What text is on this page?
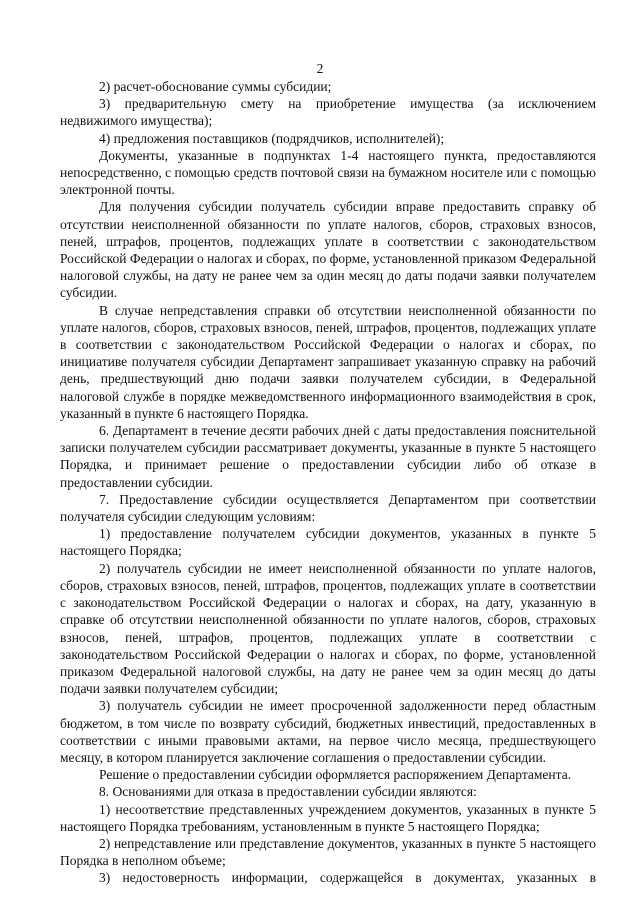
2

2) расчет-обоснование суммы субсидии;

3) предварительную смету на приобретение имущества (за исключением недвижимого имущества);

4) предложения поставщиков (подрядчиков, исполнителей);

Документы, указанные в подпунктах 1-4 настоящего пункта, предоставляются непосредственно, с помощью средств почтовой связи на бумажном носителе или с помощью электронной почты.

Для получения субсидии получатель субсидии вправе предоставить справку об отсутствии неисполненной обязанности по уплате налогов, сборов, страховых взносов, пеней, штрафов, процентов, подлежащих уплате в соответствии с законодательством Российской Федерации о налогах и сборах, по форме, установленной приказом Федеральной налоговой службы, на дату не ранее чем за один месяц до даты подачи заявки получателем субсидии.

В случае непредставления справки об отсутствии неисполненной обязанности по уплате налогов, сборов, страховых взносов, пеней, штрафов, процентов, подлежащих уплате в соответствии с законодательством Российской Федерации о налогах и сборах, по инициативе получателя субсидии Департамент запрашивает указанную справку на рабочий день, предшествующий дню подачи заявки получателем субсидии, в Федеральной налоговой службе в порядке межведомственного информационного взаимодействия в срок, указанный в пункте 6 настоящего Порядка.

6. Департамент в течение десяти рабочих дней с даты предоставления пояснительной записки получателем субсидии рассматривает документы, указанные в пункте 5 настоящего Порядка, и принимает решение о предоставлении субсидии либо об отказе в предоставлении субсидии.

7. Предоставление субсидии осуществляется Департаментом при соответствии получателя субсидии следующим условиям:

1) предоставление получателем субсидии документов, указанных в пункте 5 настоящего Порядка;

2) получатель субсидии не имеет неисполненной обязанности по уплате налогов, сборов, страховых взносов, пеней, штрафов, процентов, подлежащих уплате в соответствии с законодательством Российской Федерации о налогах и сборах, на дату, указанную в справке об отсутствии неисполненной обязанности по уплате налогов, сборов, страховых взносов, пеней, штрафов, процентов, подлежащих уплате в соответствии с законодательством Российской Федерации о налогах и сборах, по форме, установленной приказом Федеральной налоговой службы, на дату не ранее чем за один месяц до даты подачи заявки получателем субсидии;

3) получатель субсидии не имеет просроченной задолженности перед областным бюджетом, в том числе по возврату субсидий, бюджетных инвестиций, предоставленных в соответствии с иными правовыми актами, на первое число месяца, предшествующего месяцу, в котором планируется заключение соглашения о предоставлении субсидии.

Решение о предоставлении субсидии оформляется распоряжением Департамента.

8. Основаниями для отказа в предоставлении субсидии являются:

1) несоответствие представленных учреждением документов, указанных в пункте 5 настоящего Порядка требованиям, установленным в пункте 5 настоящего Порядка;

2) непредставление или представление документов, указанных в пункте 5 настоящего Порядка в неполном объеме;

3) недостоверность информации, содержащейся в документах, указанных в
